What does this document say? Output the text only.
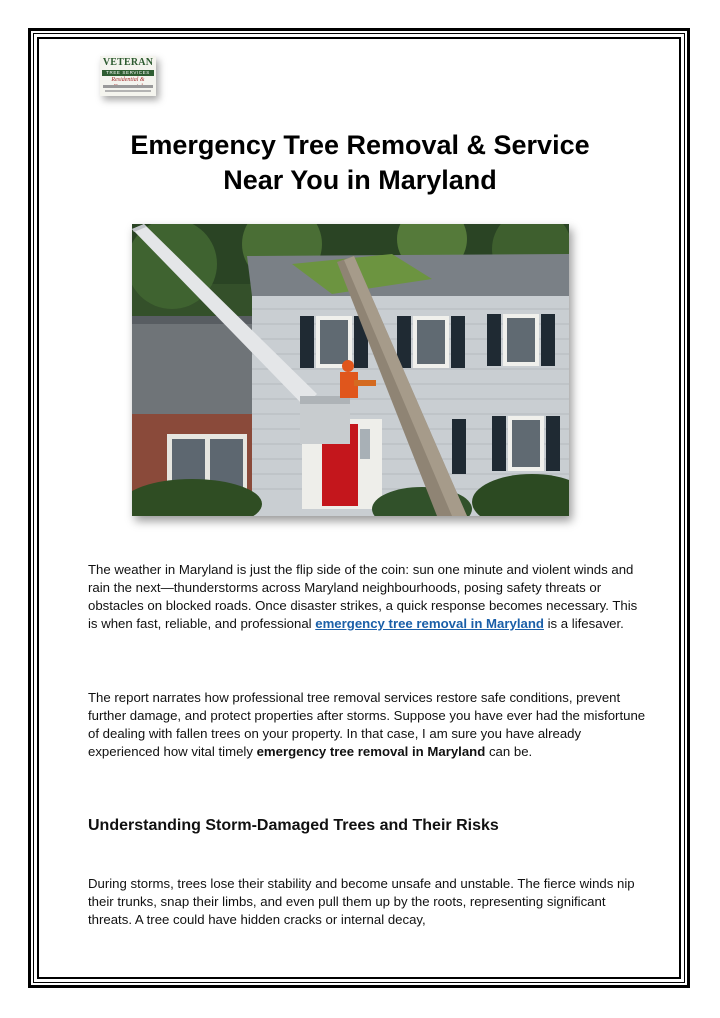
VETERAN
TREE SERVICES
Residential &
Emergency Tree Removal & Service
Near You in Maryland

The weather in Maryland is just the flip side of the coin: sun one minute and violent winds and rain the next—thunderstorms across Maryland neighbourhoods, posing safety threats or obstacles on blocked roads. Once disaster strikes, a quick response becomes necessary. This is when fast, reliable, and professional emergency tree removal in Maryland is a lifesaver.

The report narrates how professional tree removal services restore safe conditions, prevent further damage, and protect properties after storms. Suppose you have ever had the misfortune of dealing with fallen trees on your property. In that case, I am sure you have already experienced how vital timely emergency tree removal in Maryland can be.

Understanding Storm-Damaged Trees and Their Risks

During storms, trees lose their stability and become unsafe and unstable. The fierce winds nip their trunks, snap their limbs, and even pull them up by the roots, representing significant threats. A tree could have hidden cracks or internal decay,
